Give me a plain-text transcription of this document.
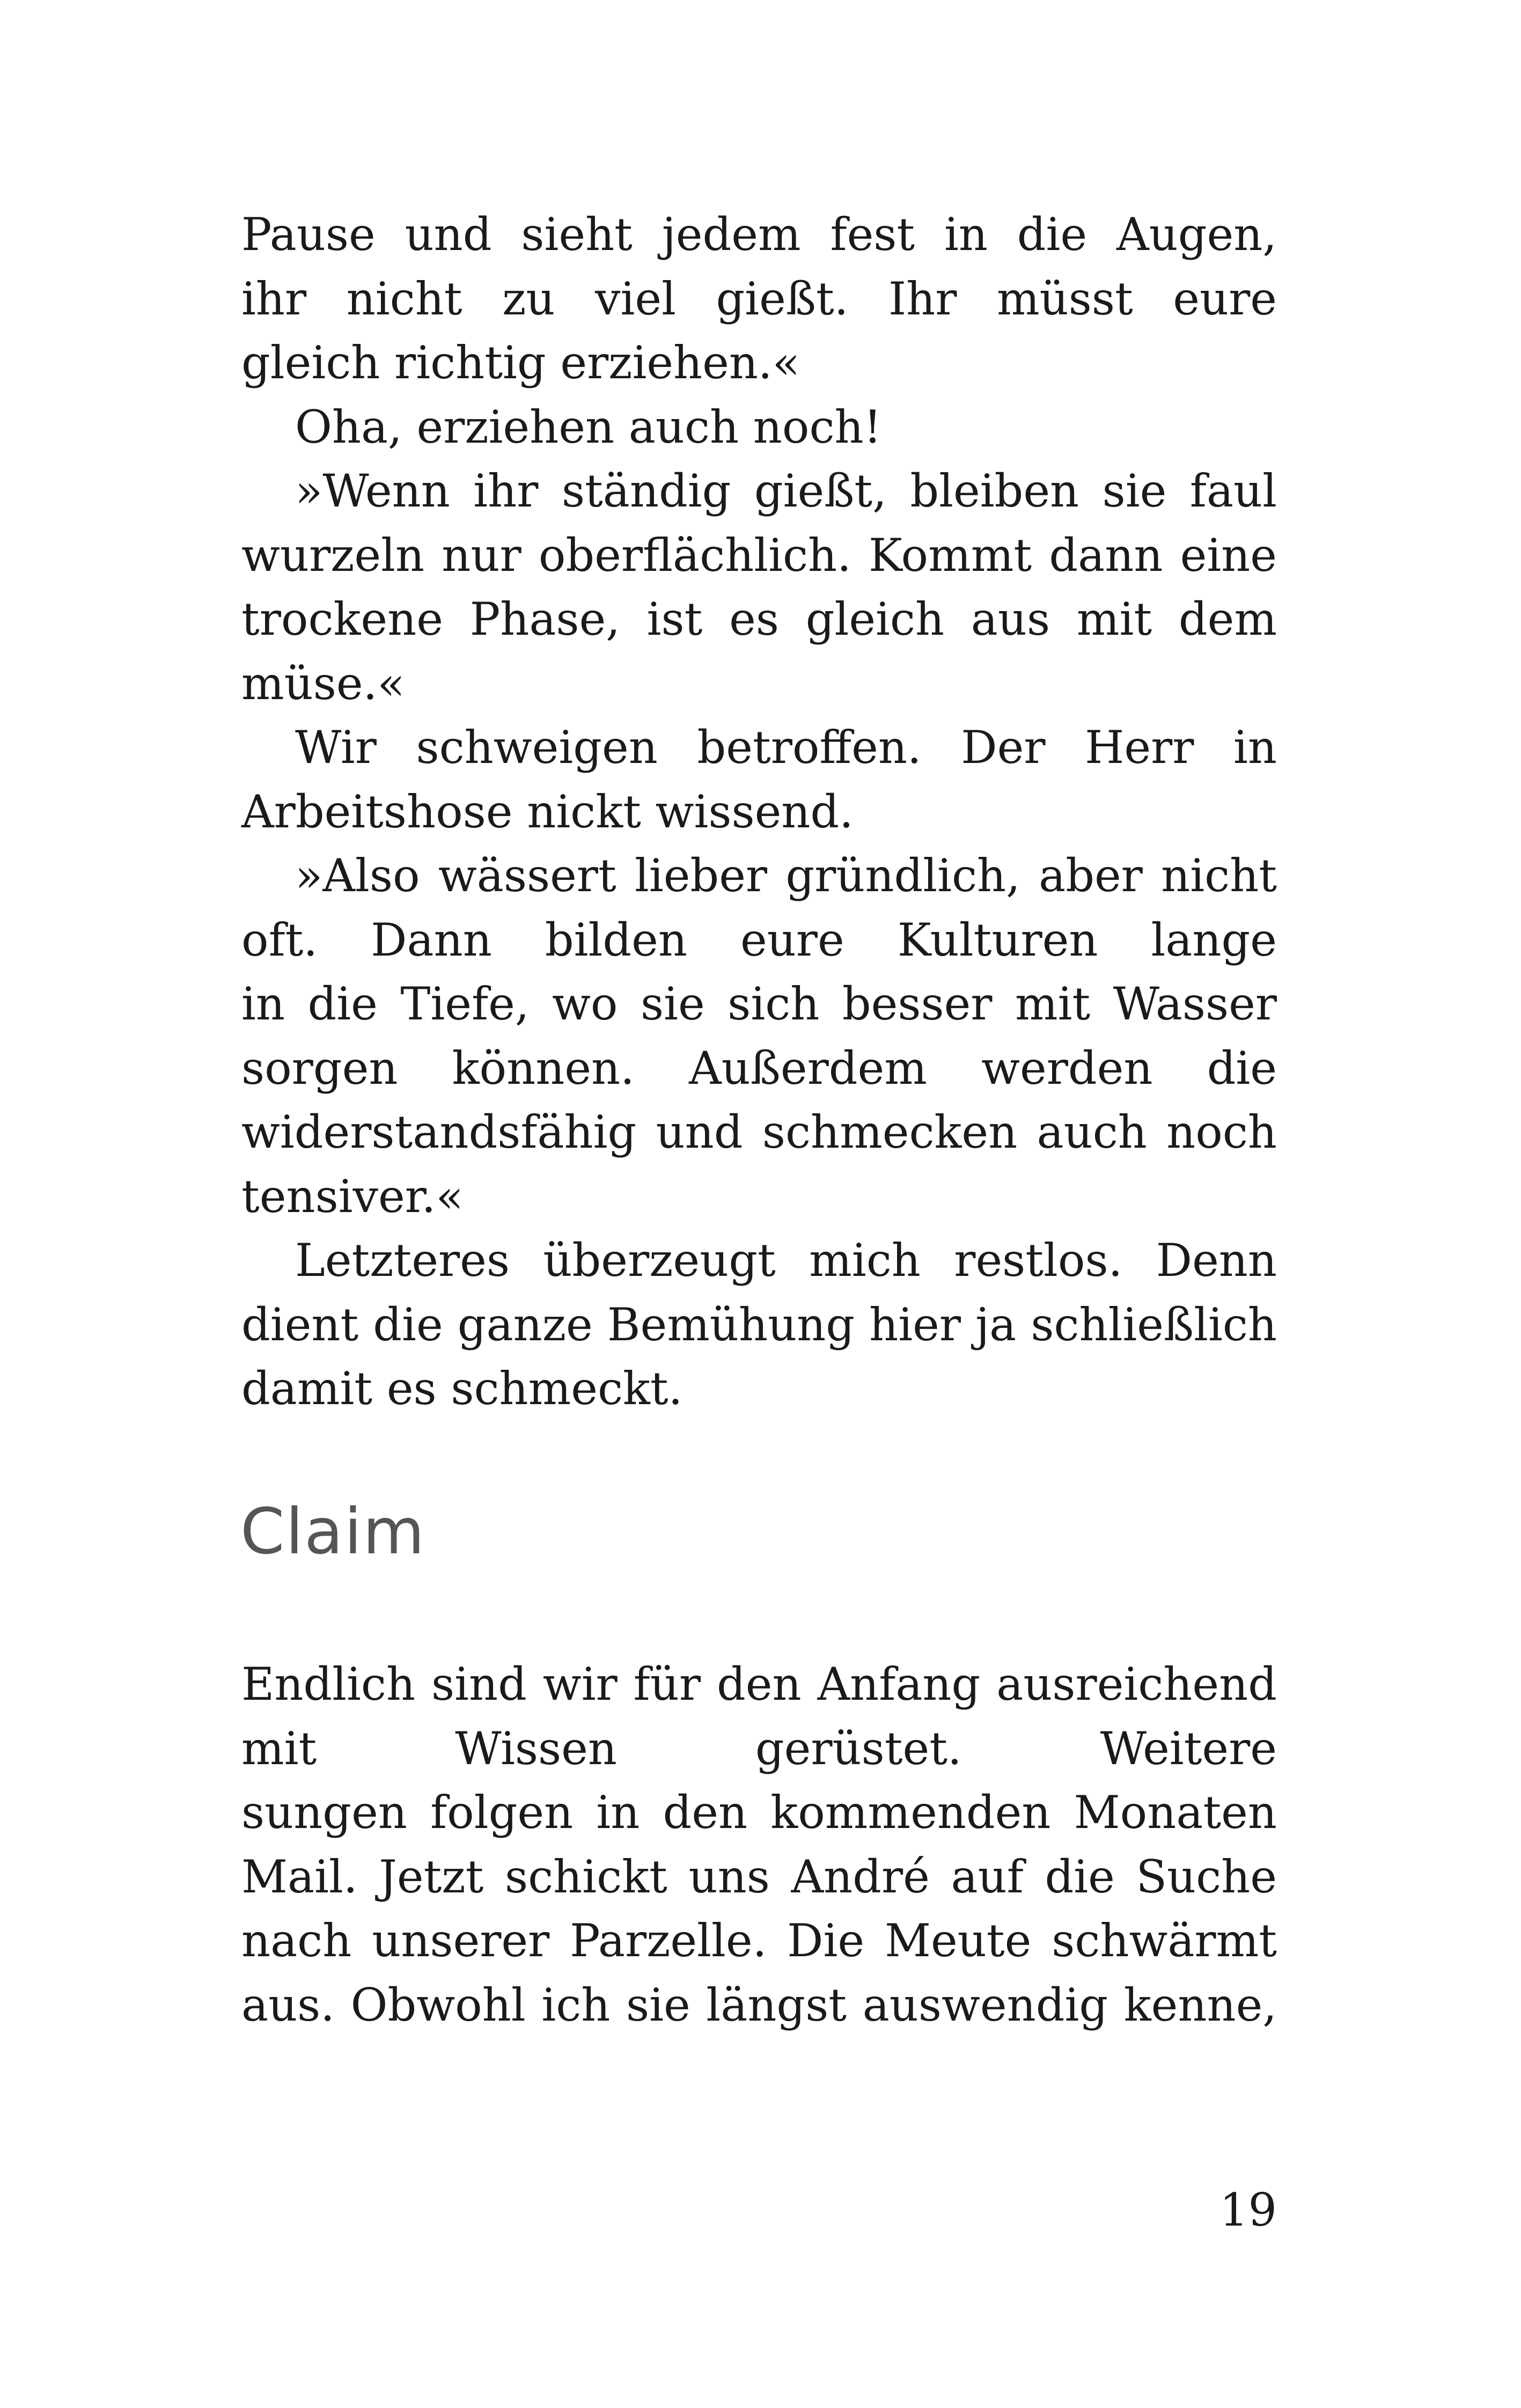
Pause und sieht jedem fest in die Augen,
ihr nicht zu viel gießt. Ihr müsst eure
gleich richtig erziehen.«
Oha, erziehen auch noch!
»Wenn ihr ständig gießt, bleiben sie faul
wurzeln nur oberflächlich. Kommt dann eine
trockene Phase, ist es gleich aus mit dem
müse.«
Wir schweigen betroffen. Der Herr in
Arbeitshose nickt wissend.
»Also wässert lieber gründlich, aber nicht
oft. Dann bilden eure Kulturen lange
in die Tiefe, wo sie sich besser mit Wasser
sorgen können. Außerdem werden die
widerstandsfähig und schmecken auch noch
tensiver.«
Letzteres überzeugt mich restlos. Denn
dient die ganze Bemühung hier ja schließlich
damit es schmeckt.
Claim
Endlich sind wir für den Anfang ausreichend
mit Wissen gerüstet. Weitere
sungen folgen in den kommenden Monaten
Mail. Jetzt schickt uns André auf die Suche
nach unserer Parzelle. Die Meute schwärmt
aus. Obwohl ich sie längst auswendig kenne,
19
